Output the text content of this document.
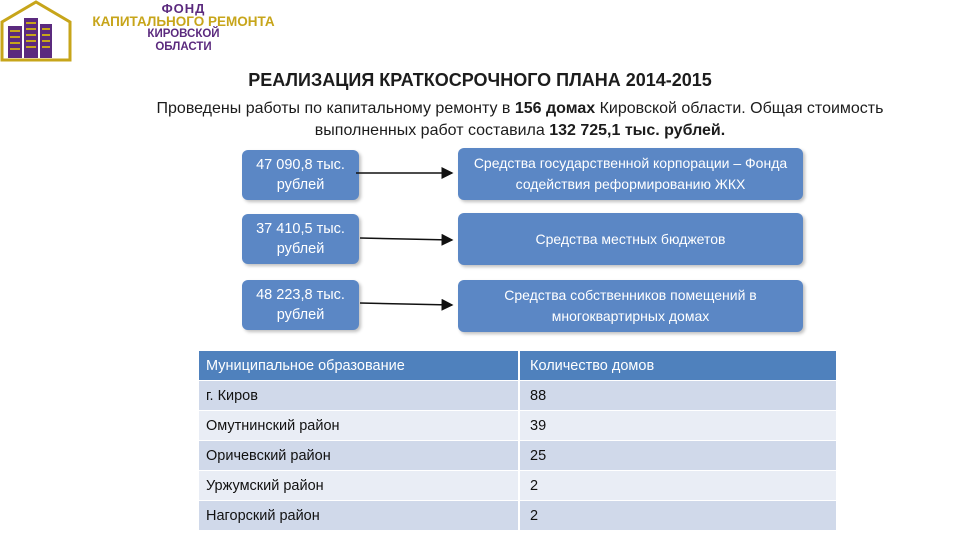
ФОНД
КАПИТАЛЬНОГО РЕМОНТА
КИРОВСКОЙ
ОБЛАСТИ
РЕАЛИЗАЦИЯ КРАТКОСРОЧНОГО ПЛАНА 2014-2015
Проведены работы по капитальному ремонту в 156 домах Кировской области. Общая стоимость выполненных работ составила 132 725,1 тыс. рублей.
47 090,8 тыс. рублей
Средства государственной корпорации – Фонда содействия реформированию ЖКХ
37 410,5 тыс. рублей
Средства местных бюджетов
48 223,8 тыс. рублей
Средства собственников помещений в многоквартирных домах
Муниципальное образование	Количество домов
г. Киров	88
Омутнинский район	39
Оричевский район	25
Уржумский район	2
Нагорский район	2
